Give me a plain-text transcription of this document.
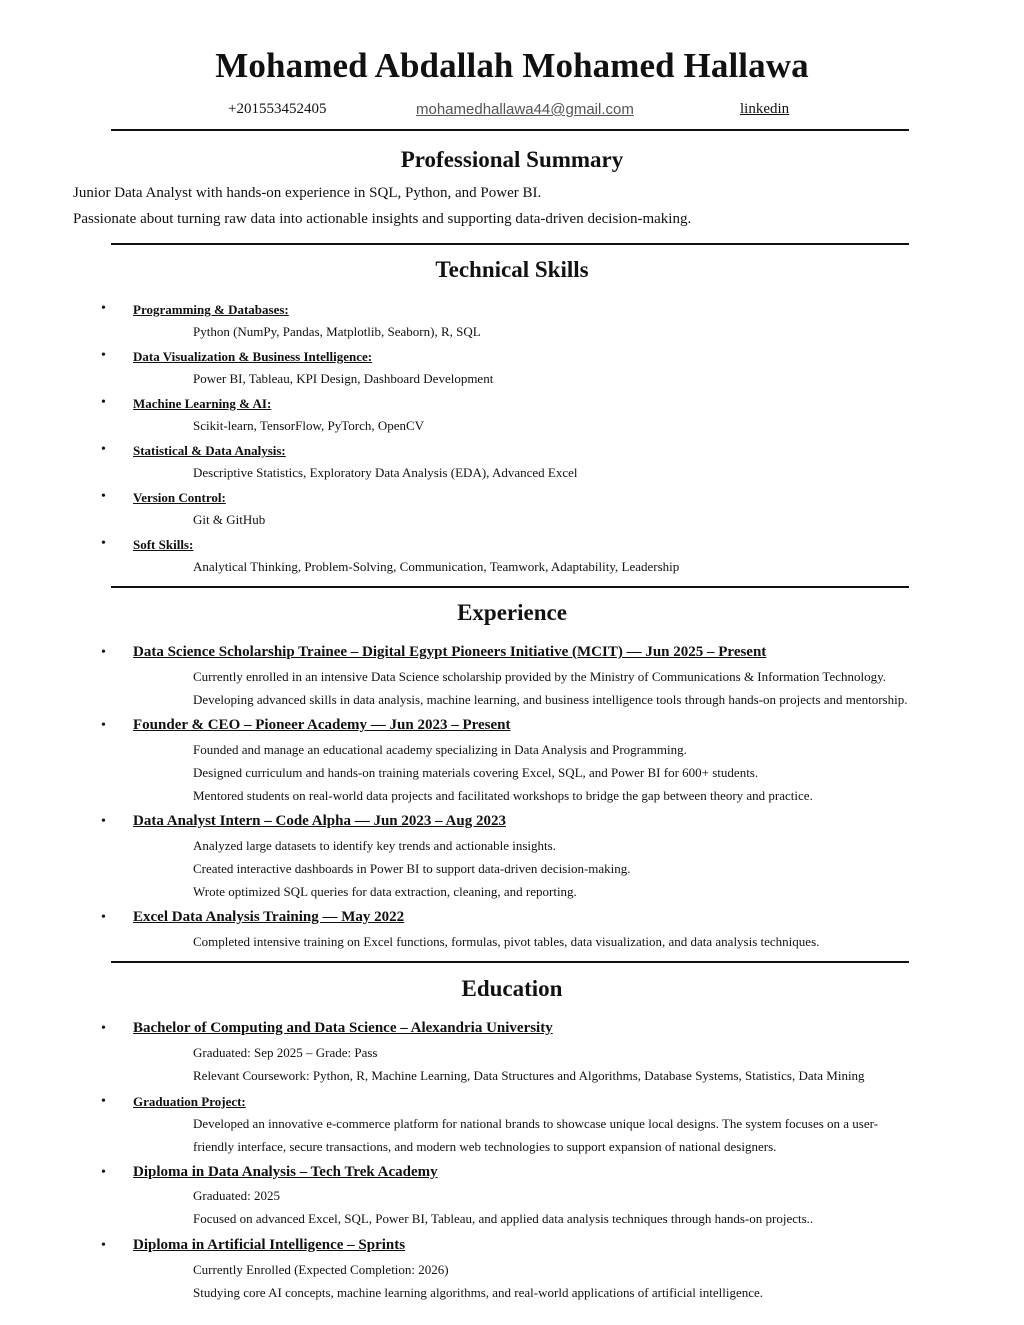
Mohamed Abdallah Mohamed Hallawa
+201553452405	mohamedhallawa44@gmail.com	linkedin
Professional Summary
Junior Data Analyst with hands-on experience in SQL, Python, and Power BI.
Passionate about turning raw data into actionable insights and supporting data-driven decision-making.
Technical Skills
• Programming & Databases:
Python (NumPy, Pandas, Matplotlib, Seaborn), R, SQL
• Data Visualization & Business Intelligence:
Power BI, Tableau, KPI Design, Dashboard Development
• Machine Learning & AI:
Scikit-learn, TensorFlow, PyTorch, OpenCV
• Statistical & Data Analysis:
Descriptive Statistics, Exploratory Data Analysis (EDA), Advanced Excel
• Version Control:
Git & GitHub
• Soft Skills:
Analytical Thinking, Problem-Solving, Communication, Teamwork, Adaptability, Leadership
Experience
• Data Science Scholarship Trainee – Digital Egypt Pioneers Initiative (MCIT) — Jun 2025 – Present
Currently enrolled in an intensive Data Science scholarship provided by the Ministry of Communications & Information Technology.
Developing advanced skills in data analysis, machine learning, and business intelligence tools through hands-on projects and mentorship.
• Founder & CEO – Pioneer Academy — Jun 2023 – Present
Founded and manage an educational academy specializing in Data Analysis and Programming.
Designed curriculum and hands-on training materials covering Excel, SQL, and Power BI for 600+ students.
Mentored students on real-world data projects and facilitated workshops to bridge the gap between theory and practice.
• Data Analyst Intern – Code Alpha — Jun 2023 – Aug 2023
Analyzed large datasets to identify key trends and actionable insights.
Created interactive dashboards in Power BI to support data-driven decision-making.
Wrote optimized SQL queries for data extraction, cleaning, and reporting.
• Excel Data Analysis Training — May 2022
Completed intensive training on Excel functions, formulas, pivot tables, data visualization, and data analysis techniques.
Education
• Bachelor of Computing and Data Science – Alexandria University
Graduated: Sep 2025 – Grade: Pass
Relevant Coursework: Python, R, Machine Learning, Data Structures and Algorithms, Database Systems, Statistics, Data Mining
• Graduation Project:
Developed an innovative e-commerce platform for national brands to showcase unique local designs. The system focuses on a user-
friendly interface, secure transactions, and modern web technologies to support expansion of national designers.
• Diploma in Data Analysis – Tech Trek Academy
Graduated: 2025
Focused on advanced Excel, SQL, Power BI, Tableau, and applied data analysis techniques through hands-on projects..
• Diploma in Artificial Intelligence – Sprints
Currently Enrolled (Expected Completion: 2026)
Studying core AI concepts, machine learning algorithms, and real-world applications of artificial intelligence.
